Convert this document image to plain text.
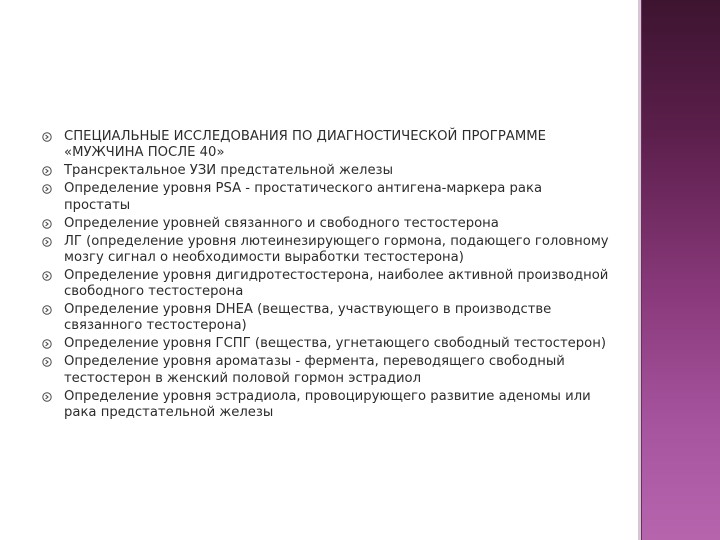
СПЕЦИАЛЬНЫЕ ИССЛЕДОВАНИЯ ПО ДИАГНОСТИЧЕСКОЙ ПРОГРАММЕ «МУЖЧИНА ПОСЛЕ 40»
Трансректальное УЗИ предстательной железы
Определение уровня PSA - простатического антигена-маркера рака простаты
Определение уровней связанного и свободного тестостерона
ЛГ (определение уровня лютеинезирующего гормона, подающего головному мозгу сигнал о необходимости выработки тестостерона)
Определение уровня дигидротестостерона, наиболее активной производной свободного тестостерона
Определение уровня DHEA (вещества, участвующего в производстве связанного тестостерона)
Определение уровня ГСПГ (вещества, угнетающего свободный тестостерон)
Определение уровня ароматазы - фермента, переводящего свободный тестостерон в женский половой гормон эстрадиол
Определение уровня эстрадиола, провоцирующего развитие аденомы или рака предстательной железы
